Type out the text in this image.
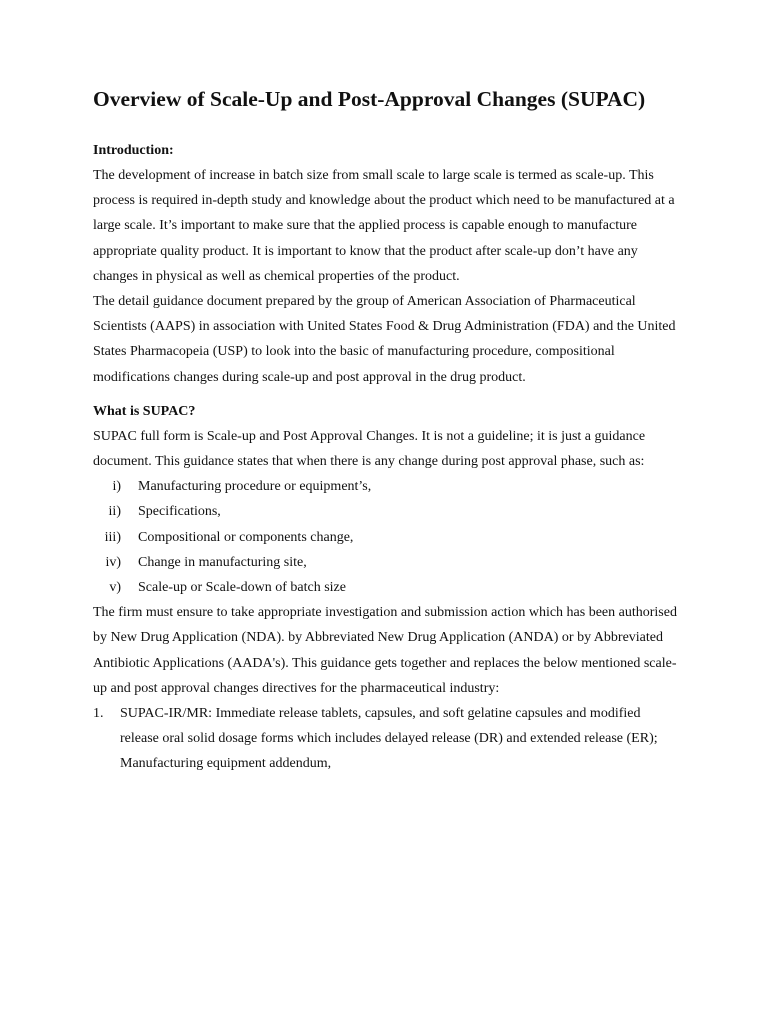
Overview of Scale-Up and Post-Approval Changes (SUPAC)
Introduction:

The development of increase in batch size from small scale to large scale is termed as scale-up. This process is required in-depth study and knowledge about the product which need to be manufactured at a large scale. It’s important to make sure that the applied process is capable enough to manufacture appropriate quality product. It is important to know that the product after scale-up don’t have any changes in physical as well as chemical properties of the product.

The detail guidance document prepared by the group of American Association of Pharmaceutical Scientists (AAPS) in association with United States Food & Drug Administration (FDA) and the United States Pharmacopeia (USP) to look into the basic of manufacturing procedure, compositional modifications changes during scale-up and post approval in the drug product.

What is SUPAC?

SUPAC full form is Scale-up and Post Approval Changes. It is not a guideline; it is just a guidance document. This guidance states that when there is any change during post approval phase, such as:

i) Manufacturing procedure or equipment’s,
ii) Specifications,
iii) Compositional or components change,
iv) Change in manufacturing site,
v) Scale-up or Scale-down of batch size

The firm must ensure to take appropriate investigation and submission action which has been authorised by New Drug Application (NDA). by Abbreviated New Drug Application (ANDA) or by Abbreviated Antibiotic Applications (AADA's). This guidance gets together and replaces the below mentioned scale-up and post approval changes directives for the pharmaceutical industry:

1. SUPAC-IR/MR: Immediate release tablets, capsules, and soft gelatine capsules and modified release oral solid dosage forms which includes delayed release (DR) and extended release (ER); Manufacturing equipment addendum,
